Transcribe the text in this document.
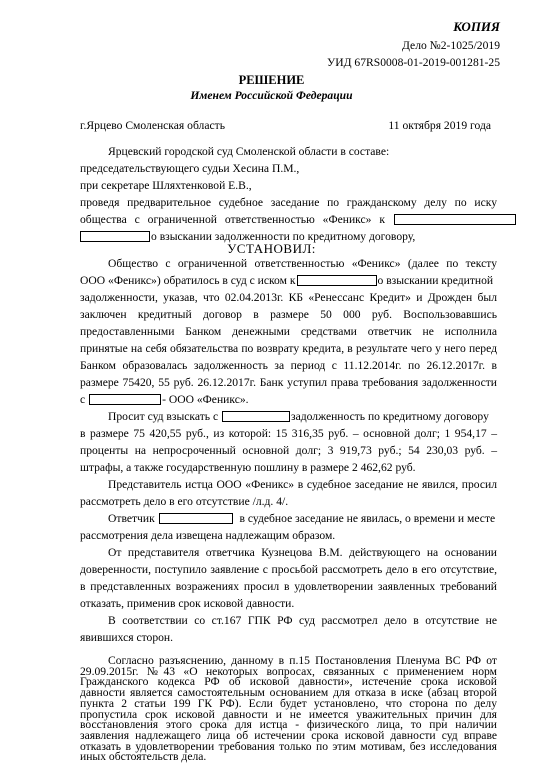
КОПИЯ
Дело №2-1025/2019
УИД 67RS0008-01-2019-001281-25
РЕШЕНИЕ
Именем Российской Федерации
г.Ярцево Смоленская область	11 октября 2019 года
Ярцевский городской суд Смоленской области в составе:
председательствующего судьи Хесина П.М.,
при секретаре Шляхтенковой Е.В.,
проведя предварительное судебное заседание по гражданскому делу по иску
общества с ограниченной ответственностью «Феникс» к
о взыскании задолженности по кредитному договору,
УСТАНОВИЛ:
Общество с ограниченной ответственностью «Феникс» (далее по тексту
ООО «Феникс») обратилось в суд с иском к	о взыскании кредитной
задолженности, указав, что 02.04.2013г. КБ «Ренессанс Кредит» и Дрожден был
заключен кредитный договор в размере 50 000 руб. Воспользовавшись
предоставленными Банком денежными средствами ответчик не исполнила
принятые на себя обязательства по возврату кредита, в результате чего у него перед
Банком образовалась задолженность за период с 11.12.2014г. по 26.12.2017г. в
размере 75420, 55 руб. 26.12.2017г. Банк уступил права требования задолженности
с	- ООО «Феникс».
Просит суд взыскать с	задолженность по кредитному договору
в размере 75 420,55 руб., из которой: 15 316,35 руб. – основной долг; 1 954,17 –
проценты на непросроченный основной долг; 3 919,73 руб.; 54 230,03 руб. –
штрафы, а также государственную пошлину в размере 2 462,62 руб.
Представитель истца ООО «Феникс» в судебное заседание не явился, просил
рассмотреть дело в его отсутствие /л.д. 4/.
Ответчик	в судебное заседание не явилась, о времени и месте
рассмотрения дела извещена надлежащим образом.
От представителя ответчика Кузнецова В.М. действующего на основании
доверенности, поступило заявление с просьбой рассмотреть дело в его отсутствие,
в представленных возражениях просил в удовлетворении заявленных требований
отказать, применив срок исковой давности.
В соответствии со ст.167 ГПК РФ суд рассмотрел дело в отсутствие не
явившихся сторон.
Согласно разъяснению, данному в п.15 Постановления Пленума ВС РФ от
29.09.2015г. №43 «О некоторых вопросах, связанных с применением норм
Гражданского кодекса РФ об исковой давности», истечение срока исковой
давности является самостоятельным основанием для отказа в иске (абзац второй
пункта 2 статьи 199 ГК РФ). Если будет установлено, что сторона по делу
пропустила срок исковой давности и не имеется уважительных причин для
восстановления этого срока для истца - физического лица, то при наличии
заявления надлежащего лица об истечении срока исковой давности суд вправе
отказать в удовлетворении требования только по этим мотивам, без исследования
иных обстоятельств дела.
